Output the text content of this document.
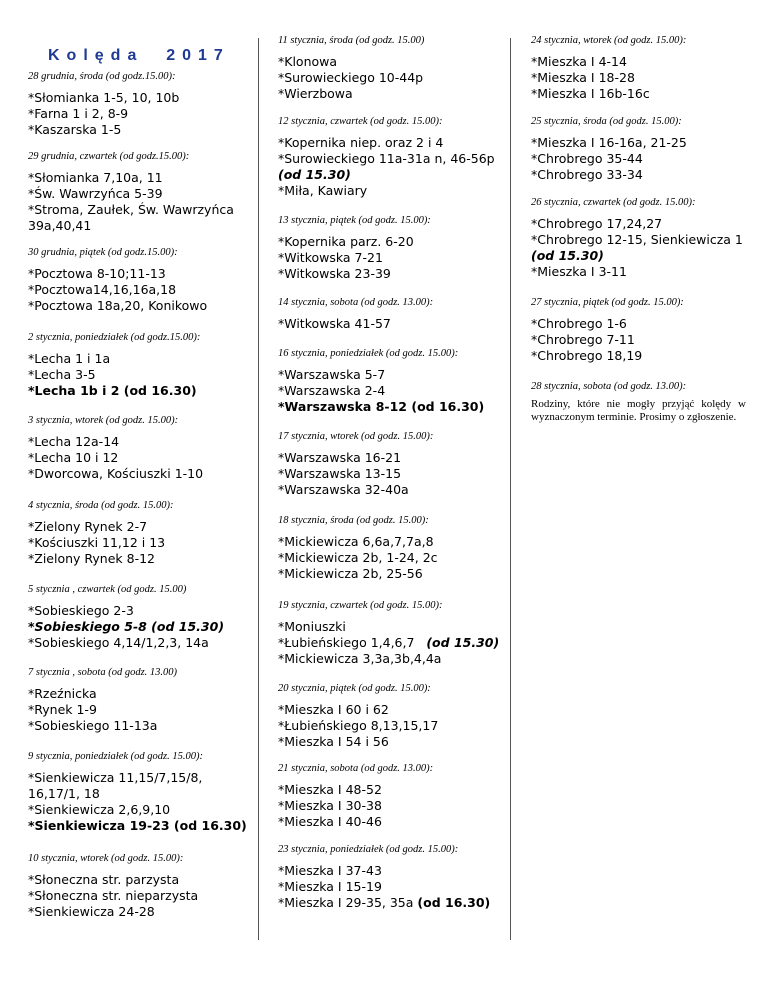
Kolęda  2017
28 grudnia, środa (od godz.15.00):
*Słomianka 1-5, 10, 10b
*Farna 1 i 2, 8-9
*Kaszarska 1-5
29 grudnia, czwartek (od godz.15.00):
*Słomianka 7,10a, 11
*Św. Wawrzyńca 5-39
*Stroma, Zaułek, Św. Wawrzyńca 39a,40,41
30 grudnia, piątek (od godz.15.00):
*Pocztowa 8-10;11-13
*Pocztowa14,16,16a,18
*Pocztowa 18a,20, Konikowo
2 stycznia, poniedziałek (od godz.15.00):
*Lecha 1 i 1a
*Lecha 3-5
*Lecha 1b i 2 (od 16.30)
3 stycznia, wtorek (od godz. 15.00):
*Lecha 12a-14
*Lecha 10 i 12
*Dworcowa, Kościuszki 1-10
4 stycznia, środa (od godz. 15.00):
*Zielony Rynek 2-7
*Kościuszki 11,12 i 13
*Zielony Rynek 8-12
5 stycznia , czwartek (od godz. 15.00)
*Sobieskiego 2-3
*Sobieskiego 5-8 (od 15.30)
*Sobieskiego 4,14/1,2,3, 14a
7 stycznia , sobota (od godz. 13.00)
*Rzeźnicka
*Rynek 1-9
*Sobieskiego 11-13a
9 stycznia, poniedziałek (od godz. 15.00):
*Sienkiewicza 11,15/7,15/8, 16,17/1, 18
*Sienkiewicza 2,6,9,10
*Sienkiewicza 19-23 (od 16.30)
10 stycznia, wtorek (od godz. 15.00):
*Słoneczna str. parzysta
*Słoneczna str. nieparzysta
*Sienkiewicza 24-28
11 stycznia, środa (od godz. 15.00)
*Klonowa
*Surowieckiego 10-44p
*Wierzbowa
12 stycznia, czwartek (od godz. 15.00):
*Kopernika niep. oraz 2 i 4
*Surowieckiego 11a-31a n, 46-56p
(od 15.30)
*Miła, Kawiary
13 stycznia, piątek (od godz. 15.00):
*Kopernika parz. 6-20
*Witkowska 7-21
*Witkowska 23-39
14 stycznia, sobota (od godz. 13.00):
*Witkowska 41-57
16 stycznia, poniedziałek (od godz. 15.00):
*Warszawska 5-7
*Warszawska 2-4
*Warszawska 8-12 (od 16.30)
17 stycznia, wtorek (od godz. 15.00):
*Warszawska 16-21
*Warszawska 13-15
*Warszawska 32-40a
18 stycznia, środa (od godz. 15.00):
*Mickiewicza 6,6a,7,7a,8
*Mickiewicza 2b, 1-24, 2c
*Mickiewicza 2b, 25-56
19 stycznia, czwartek (od godz. 15.00):
*Moniuszki
*Łubieńskiego 1,4,6,7   (od 15.30)
*Mickiewicza 3,3a,3b,4,4a
20 stycznia, piątek (od godz. 15.00):
*Mieszka I 60 i 62
*Łubieńskiego 8,13,15,17
*Mieszka I 54 i 56
21 stycznia, sobota (od godz. 13.00):
*Mieszka I 48-52
*Mieszka I 30-38
*Mieszka I 40-46
23 stycznia, poniedziałek (od godz. 15.00):
*Mieszka I 37-43
*Mieszka I 15-19
*Mieszka I 29-35, 35a (od 16.30)
24 stycznia, wtorek (od godz. 15.00):
*Mieszka I 4-14
*Mieszka I 18-28
*Mieszka I 16b-16c
25 stycznia, środa (od godz. 15.00):
*Mieszka I 16-16a, 21-25
*Chrobrego 35-44
*Chrobrego 33-34
26 stycznia, czwartek (od godz. 15.00):
*Chrobrego 17,24,27
*Chrobrego 12-15, Sienkiewicza 1
(od 15.30)
*Mieszka I 3-11
27 stycznia, piątek (od godz. 15.00):
*Chrobrego 1-6
*Chrobrego 7-11
*Chrobrego 18,19
28 stycznia, sobota (od godz. 13.00):
Rodziny, które nie mogły przyjąć kolędy w wyznaczonym terminie. Prosimy o zgłoszenie.
